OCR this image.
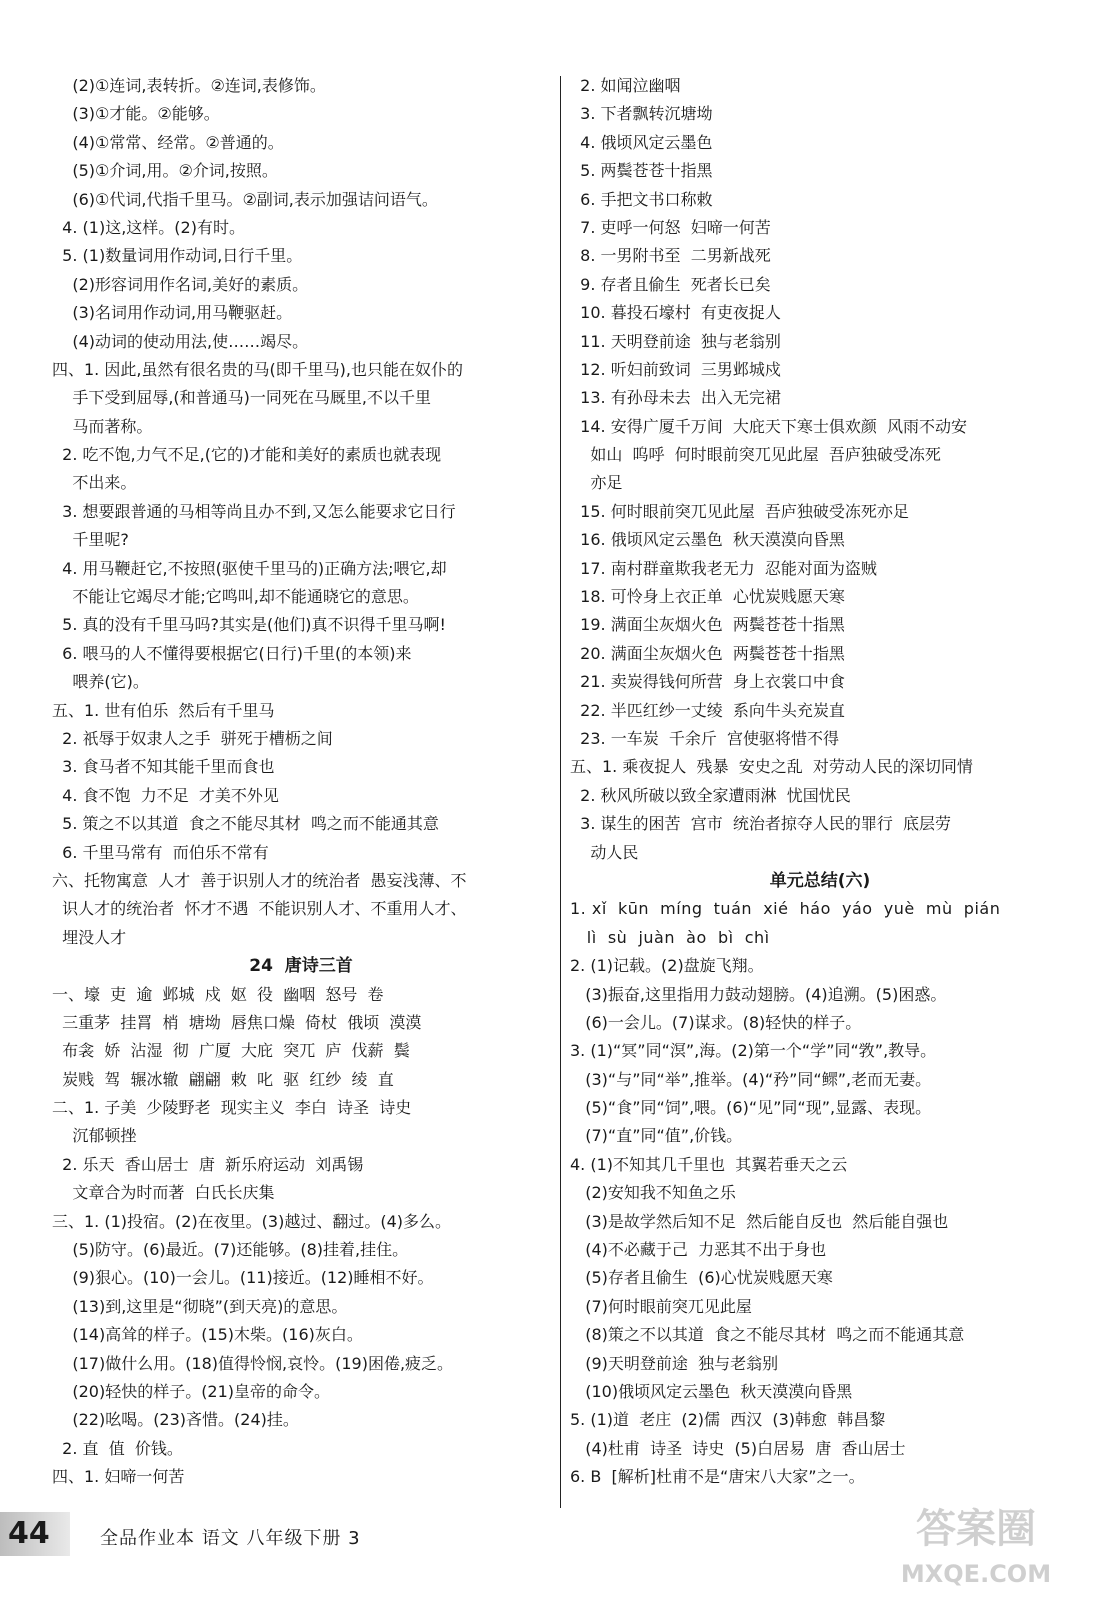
(2)①连词,表转折。②连词,表修饰。
(3)①才能。②能够。
(4)①常常、经常。②普通的。
(5)①介词,用。②介词,按照。
(6)①代词,代指千里马。②副词,表示加强诘问语气。
4. (1)这,这样。(2)有时。
5. (1)数量词用作动词,日行千里。
(2)形容词用作名词,美好的素质。
(3)名词用作动词,用马鞭驱赶。
(4)动词的使动用法,使……竭尽。
四、1. 因此,虽然有很名贵的马(即千里马),也只能在奴仆的
手下受到屈辱,(和普通马)一同死在马厩里,不以千里
马而著称。
2. 吃不饱,力气不足,(它的)才能和美好的素质也就表现
不出来。
3. 想要跟普通的马相等尚且办不到,又怎么能要求它日行
千里呢?
4. 用马鞭赶它,不按照(驱使千里马的)正确方法;喂它,却
不能让它竭尽才能;它鸣叫,却不能通晓它的意思。
5. 真的没有千里马吗?其实是(他们)真不识得千里马啊!
6. 喂马的人不懂得要根据它(日行)千里(的本领)来
喂养(它)。
五、1. 世有伯乐  然后有千里马
2. 祇辱于奴隶人之手  骈死于槽枥之间
3. 食马者不知其能千里而食也
4. 食不饱  力不足  才美不外见
5. 策之不以其道  食之不能尽其材  鸣之而不能通其意
6. 千里马常有  而伯乐不常有
六、托物寓意  人才  善于识别人才的统治者  愚妄浅薄、不
识人才的统治者  怀才不遇  不能识别人才、不重用人才、
埋没人才
24  唐诗三首
一、壕  吏  逾  邺城  戍  妪  役  幽咽  怒号  卷
三重茅  挂罥  梢  塘坳  唇焦口燥  倚杖  俄顷  漠漠
布衾  娇  沾湿  彻  广厦  大庇  突兀  庐  伐薪  鬓
炭贱  驾  辗冰辙  翩翩  敕  叱  驱  红纱  绫  直
二、1. 子美  少陵野老  现实主义  李白  诗圣  诗史
沉郁顿挫
2. 乐天  香山居士  唐  新乐府运动  刘禹锡
文章合为时而著  白氏长庆集
三、1. (1)投宿。(2)在夜里。(3)越过、翻过。(4)多么。
(5)防守。(6)最近。(7)还能够。(8)挂着,挂住。
(9)狠心。(10)一会儿。(11)接近。(12)睡相不好。
(13)到,这里是“彻晓”(到天亮)的意思。
(14)高耸的样子。(15)木柴。(16)灰白。
(17)做什么用。(18)值得怜悯,哀怜。(19)困倦,疲乏。
(20)轻快的样子。(21)皇帝的命令。
(22)吆喝。(23)吝惜。(24)挂。
2. 直  值  价钱。
四、1. 妇啼一何苦
2. 如闻泣幽咽
3. 下者飘转沉塘坳
4. 俄顷风定云墨色
5. 两鬓苍苍十指黑
6. 手把文书口称敕
7. 吏呼一何怒  妇啼一何苦
8. 一男附书至  二男新战死
9. 存者且偷生  死者长已矣
10. 暮投石壕村  有吏夜捉人
11. 天明登前途  独与老翁别
12. 听妇前致词  三男邺城戍
13. 有孙母未去  出入无完裙
14. 安得广厦千万间  大庇天下寒士俱欢颜  风雨不动安
如山  呜呼  何时眼前突兀见此屋  吾庐独破受冻死
亦足
15. 何时眼前突兀见此屋  吾庐独破受冻死亦足
16. 俄顷风定云墨色  秋天漠漠向昏黑
17. 南村群童欺我老无力  忍能对面为盗贼
18. 可怜身上衣正单  心忧炭贱愿天寒
19. 满面尘灰烟火色  两鬓苍苍十指黑
20. 满面尘灰烟火色  两鬓苍苍十指黑
21. 卖炭得钱何所营  身上衣裳口中食
22. 半匹红纱一丈绫  系向牛头充炭直
23. 一车炭  千余斤  宫使驱将惜不得
五、1. 乘夜捉人  残暴  安史之乱  对劳动人民的深切同情
2. 秋风所破以致全家遭雨淋  忧国忧民
3. 谋生的困苦  宫市  统治者掠夺人民的罪行  底层劳
动人民
单元总结(六)
1. xǐ  kūn  míng  tuán  xié  háo  yáo  yuè  mù  pián
lì  sù  juàn  ào  bì  chì
2. (1)记载。(2)盘旋飞翔。
(3)振奋,这里指用力鼓动翅膀。(4)追溯。(5)困惑。
(6)一会儿。(7)谋求。(8)轻快的样子。
3. (1)“冥”同“溟”,海。(2)第一个“学”同“敩”,教导。
(3)“与”同“举”,推举。(4)“矜”同“鳏”,老而无妻。
(5)“食”同“饲”,喂。(6)“见”同“现”,显露、表现。
(7)“直”同“值”,价钱。
4. (1)不知其几千里也  其翼若垂天之云
(2)安知我不知鱼之乐
(3)是故学然后知不足  然后能自反也  然后能自强也
(4)不必藏于己  力恶其不出于身也
(5)存者且偷生  (6)心忧炭贱愿天寒
(7)何时眼前突兀见此屋
(8)策之不以其道  食之不能尽其材  鸣之而不能通其意
(9)天明登前途  独与老翁别
(10)俄顷风定云墨色  秋天漠漠向昏黑
5. (1)道  老庄  (2)儒  西汉  (3)韩愈  韩昌黎
(4)杜甫  诗圣  诗史  (5)白居易  唐  香山居士
6. B  [解析]杜甫不是“唐宋八大家”之一。
44	全品作业本 语文 八年级下册 3	答案圈
MXQE.COM
